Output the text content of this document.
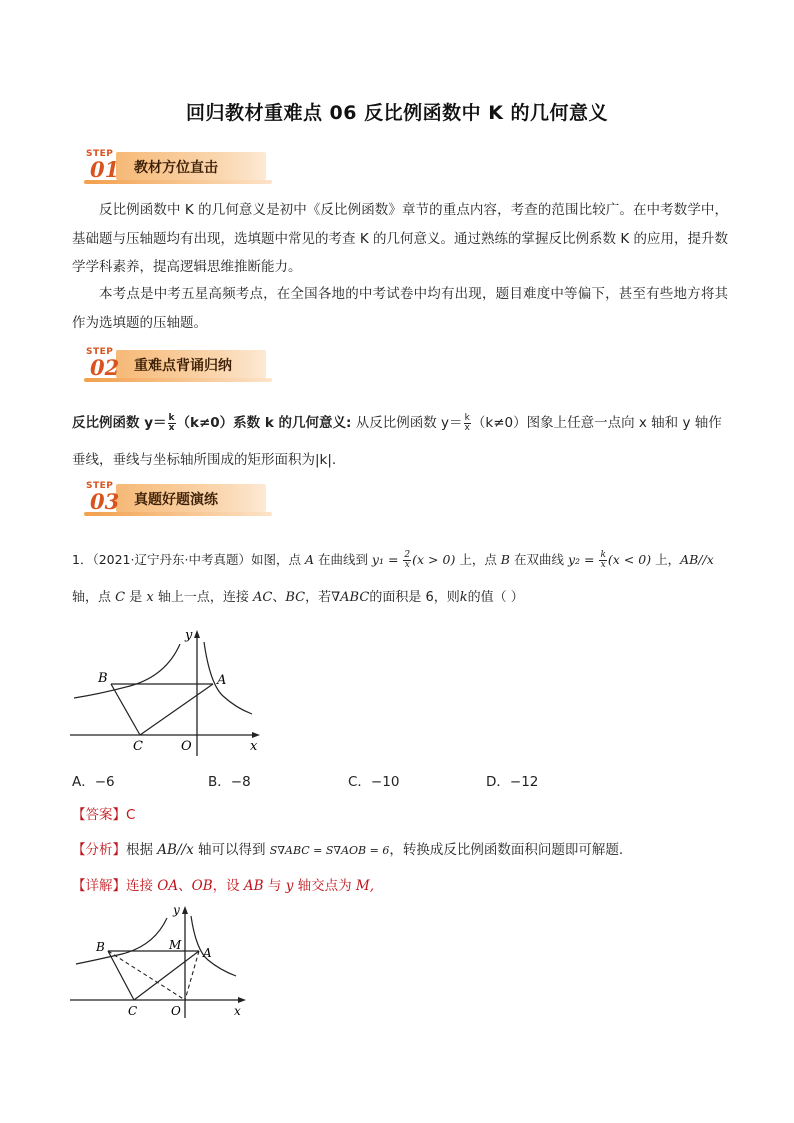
回归教材重难点 06 反比例函数中 K 的几何意义
教材方位直击
STEP
01
反比例函数中 K 的几何意义是初中《反比例函数》章节的重点内容，考查的范围比较广。在中考数学中，基础题与压轴题均有出现，选填题中常见的考查 K 的几何意义。通过熟练的掌握反比例系数 K 的应用，提升数学学科素养，提高逻辑思维推断能力。
本考点是中考五星高频考点，在全国各地的中考试卷中均有出现，题目难度中等偏下，甚至有些地方将其作为选填题的压轴题。
重难点背诵归纳
STEP
02
反比例函数 $y= \frac{k}{x} (k\ne 0)$系数 k 的几何意义: 从反比例函数 $y= \frac{k}{x} (k\ne 0)$图象上任意一点向 x 轴和 y 轴作
垂线，垂线与坐标轴所围成的矩形面积为|k|.
真题好题演练
STEP
03
1．（2021·辽宁丹东·中考真题）如图，点 A 在曲线到 $y_1 = \frac{2}{x} (x > 0)$ 上，点 B 在双曲线 $y_2 = \frac{k}{x} (x < 0)$ 上，AB//x
轴，点 C 是 x 轴上一点，连接 AC、BC，若∇ABC的面积是 6，则k的值（ ）
y
x
B	A
C	O
A．−6	B．−8	C．−10	D．−12
【答案】C
【分析】根据 AB//x 轴可以得到 S∇ABC = S∇AOB = 6，转换成反比例函数面积问题即可解题.
【详解】连接 OA、OB，设 AB 与 y 轴交点为 M,
y
x
B	M
A
C	O
